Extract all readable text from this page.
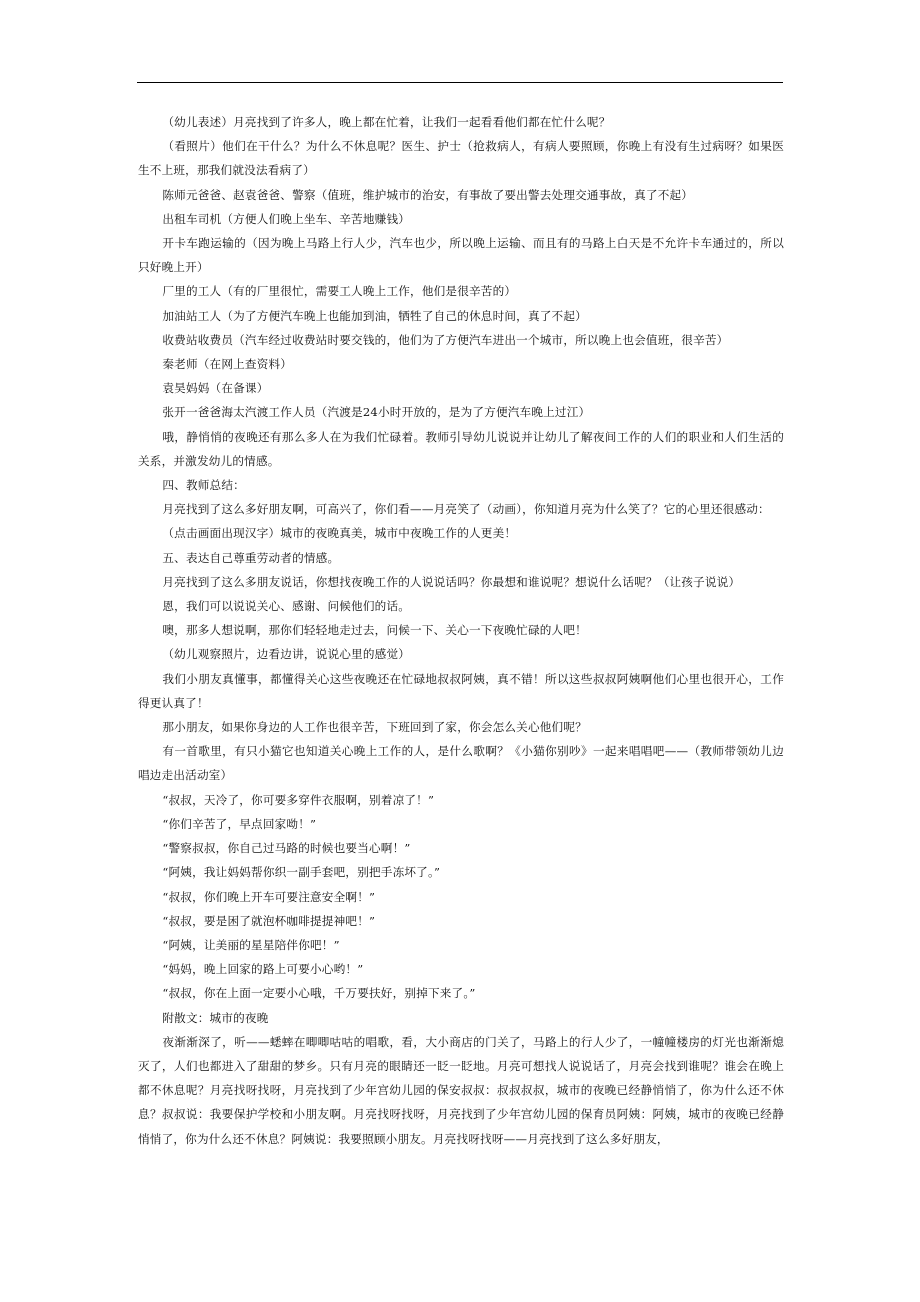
（幼儿表述）月亮找到了许多人，晚上都在忙着，让我们一起看看他们都在忙什么呢？

（看照片）他们在干什么？为什么不休息呢？医生、护士（抢救病人，有病人要照顾，你晚上有没有生过病呀？如果医生不上班，那我们就没法看病了）

陈师元爸爸、赵袁爸爸、警察（值班，维护城市的治安，有事故了要出警去处理交通事故，真了不起）

出租车司机（方便人们晚上坐车、辛苦地赚钱）

开卡车跑运输的（因为晚上马路上行人少，汽车也少，所以晚上运输、而且有的马路上白天是不允许卡车通过的，所以只好晚上开）

厂里的工人（有的厂里很忙，需要工人晚上工作，他们是很辛苦的）

加油站工人（为了方便汽车晚上也能加到油，牺牲了自己的休息时间，真了不起）

收费站收费员（汽车经过收费站时要交钱的，他们为了方便汽车进出一个城市，所以晚上也会值班，很辛苦）

秦老师（在网上查资料）

袁昊妈妈（在备课）

张开一爸爸海太汽渡工作人员（汽渡是24小时开放的，是为了方便汽车晚上过江）

哦，静悄悄的夜晚还有那么多人在为我们忙碌着。教师引导幼儿说说并让幼儿了解夜间工作的人们的职业和人们生活的关系，并激发幼儿的情感。

四、教师总结：

月亮找到了这么多好朋友啊，可高兴了，你们看——月亮笑了（动画），你知道月亮为什么笑了？它的心里还很感动：

（点击画面出现汉字）城市的夜晚真美，城市中夜晚工作的人更美！

五、表达自己尊重劳动者的情感。

月亮找到了这么多朋友说话，你想找夜晚工作的人说说话吗？你最想和谁说呢？想说什么话呢？（让孩子说说）

恩，我们可以说说关心、感谢、问候他们的话。

噢，那多人想说啊，那你们轻轻地走过去，问候一下、关心一下夜晚忙碌的人吧！

（幼儿观察照片，边看边讲，说说心里的感觉）

我们小朋友真懂事，都懂得关心这些夜晚还在忙碌地叔叔阿姨，真不错！所以这些叔叔阿姨啊他们心里也很开心，工作得更认真了！

那小朋友，如果你身边的人工作也很辛苦，下班回到了家，你会怎么关心他们呢？

有一首歌里，有只小猫它也知道关心晚上工作的人，是什么歌啊？《小猫你别吵》一起来唱唱吧——（教师带领幼儿边唱边走出活动室）

“叔叔，天冷了，你可要多穿件衣服啊，别着凉了！”

“你们辛苦了，早点回家呦！”

“警察叔叔，你自己过马路的时候也要当心啊！”

“阿姨，我让妈妈帮你织一副手套吧，别把手冻坏了。”

“叔叔，你们晚上开车可要注意安全啊！”

“叔叔，要是困了就泡杯咖啡提提神吧！”

“阿姨，让美丽的星星陪伴你吧！”

“妈妈，晚上回家的路上可要小心哟！”

“叔叔，你在上面一定要小心哦，千万要扶好，别掉下来了。”

附散文：城市的夜晚

夜渐渐深了，听——蟋蟀在唧唧咕咕的唱歌，看，大小商店的门关了，马路上的行人少了，一幢幢楼房的灯光也渐渐熄灭了，人们也都进入了甜甜的梦乡。只有月亮的眼睛还一眨一眨地。月亮可想找人说说话了，月亮会找到谁呢？谁会在晚上都不休息呢？月亮找呀找呀，月亮找到了少年宫幼儿园的保安叔叔：叔叔叔叔，城市的夜晚已经静悄悄了，你为什么还不休息？叔叔说：我要保护学校和小朋友啊。月亮找呀找呀，月亮找到了少年宫幼儿园的保育员阿姨：阿姨，城市的夜晚已经静悄悄了，你为什么还不休息？阿姨说：我要照顾小朋友。月亮找呀找呀——月亮找到了这么多好朋友，
